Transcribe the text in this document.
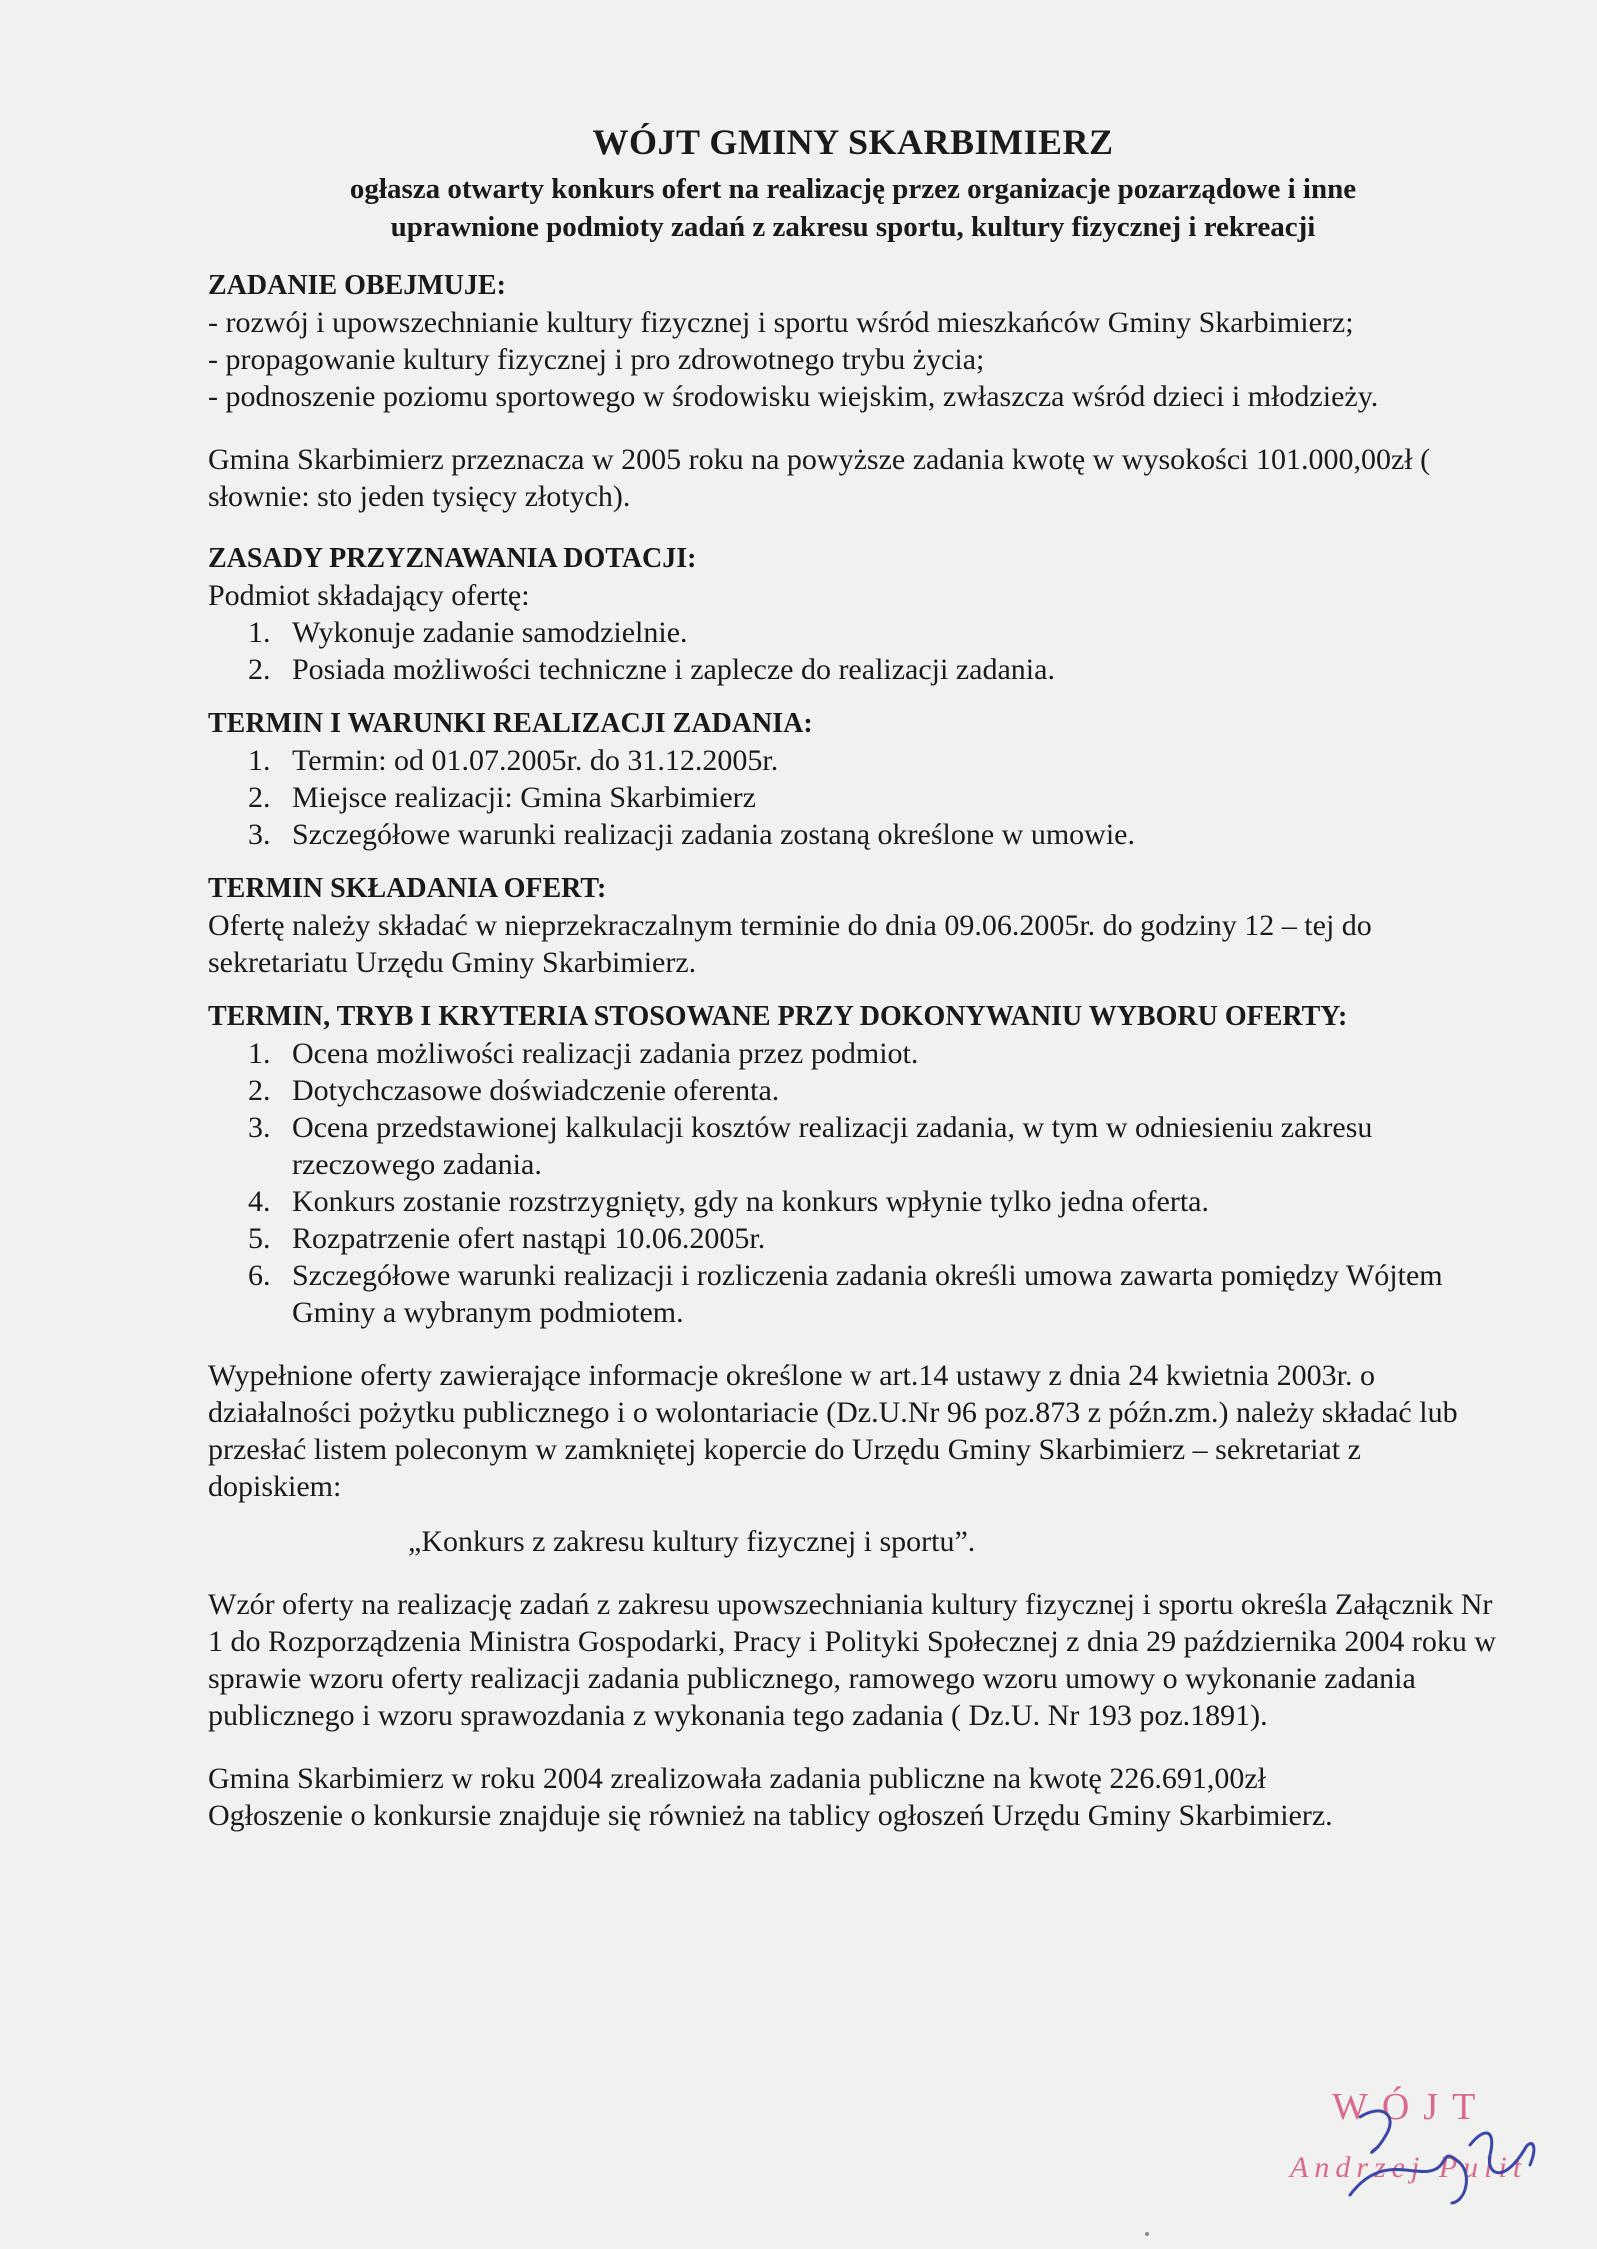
WÓJT GMINY SKARBIMIERZ
ogłasza otwarty konkurs ofert na realizację przez organizacje pozarządowe i inne
uprawnione podmioty zadań z zakresu sportu, kultury fizycznej i rekreacji
ZADANIE OBEJMUJE:
- rozwój i upowszechnianie kultury fizycznej i sportu wśród mieszkańców Gminy Skarbimierz;
- propagowanie kultury fizycznej i pro zdrowotnego trybu życia;
- podnoszenie poziomu sportowego w środowisku wiejskim, zwłaszcza wśród dzieci i młodzieży.

Gmina Skarbimierz przeznacza w 2005 roku na powyższe zadania kwotę w wysokości 101.000,00zł ( słownie: sto jeden tysięcy złotych).

ZASADY PRZYZNAWANIA DOTACJI:

Podmiot składający ofertę:

1. Wykonuje zadanie samodzielnie.
2. Posiada możliwości techniczne i zaplecze do realizacji zadania.
TERMIN I WARUNKI REALIZACJI ZADANIA:
1. Termin: od 01.07.2005r. do 31.12.2005r.
2. Miejsce realizacji: Gmina Skarbimierz
3. Szczegółowe warunki realizacji zadania zostaną określone w umowie.
TERMIN SKŁADANIA OFERT:

Ofertę należy składać w nieprzekraczalnym terminie do dnia 09.06.2005r. do godziny 12 – tej do sekretariatu Urzędu Gminy Skarbimierz.

TERMIN, TRYB I KRYTERIA STOSOWANE PRZY DOKONYWANIU WYBORU OFERTY:
1. Ocena możliwości realizacji zadania przez podmiot.
2. Dotychczasowe doświadczenie oferenta.
3. Ocena przedstawionej kalkulacji kosztów realizacji zadania, w tym w odniesieniu zakresu rzeczowego zadania.
4. Konkurs zostanie rozstrzygnięty, gdy na konkurs wpłynie tylko jedna oferta.
5. Rozpatrzenie ofert nastąpi 10.06.2005r.
6. Szczegółowe warunki realizacji i rozliczenia zadania określi umowa zawarta pomiędzy Wójtem Gminy a wybranym podmiotem.

Wypełnione oferty zawierające informacje określone w art.14 ustawy z dnia 24 kwietnia 2003r. o działalności pożytku publicznego i o wolontariacie (Dz.U.Nr 96 poz.873 z późn.zm.) należy składać lub przesłać listem poleconym w zamkniętej kopercie do Urzędu Gminy Skarbimierz – sekretariat z dopiskiem:

„Konkurs z zakresu kultury fizycznej i sportu”.

Wzór oferty na realizację zadań z zakresu upowszechniania kultury fizycznej i sportu określa Załącznik Nr 1 do Rozporządzenia Ministra Gospodarki, Pracy i Polityki Społecznej z dnia 29 października 2004 roku w sprawie wzoru oferty realizacji zadania publicznego, ramowego wzoru umowy o wykonanie zadania publicznego i wzoru sprawozdania z wykonania tego zadania ( Dz.U. Nr 193 poz.1891).

Gmina Skarbimierz w roku 2004 zrealizowała zadania publiczne na kwotę 226.691,00zł

Ogłoszenie o konkursie znajduje się również na tablicy ogłoszeń Urzędu Gminy Skarbimierz.

WÓJT
Andrzej Pulit
